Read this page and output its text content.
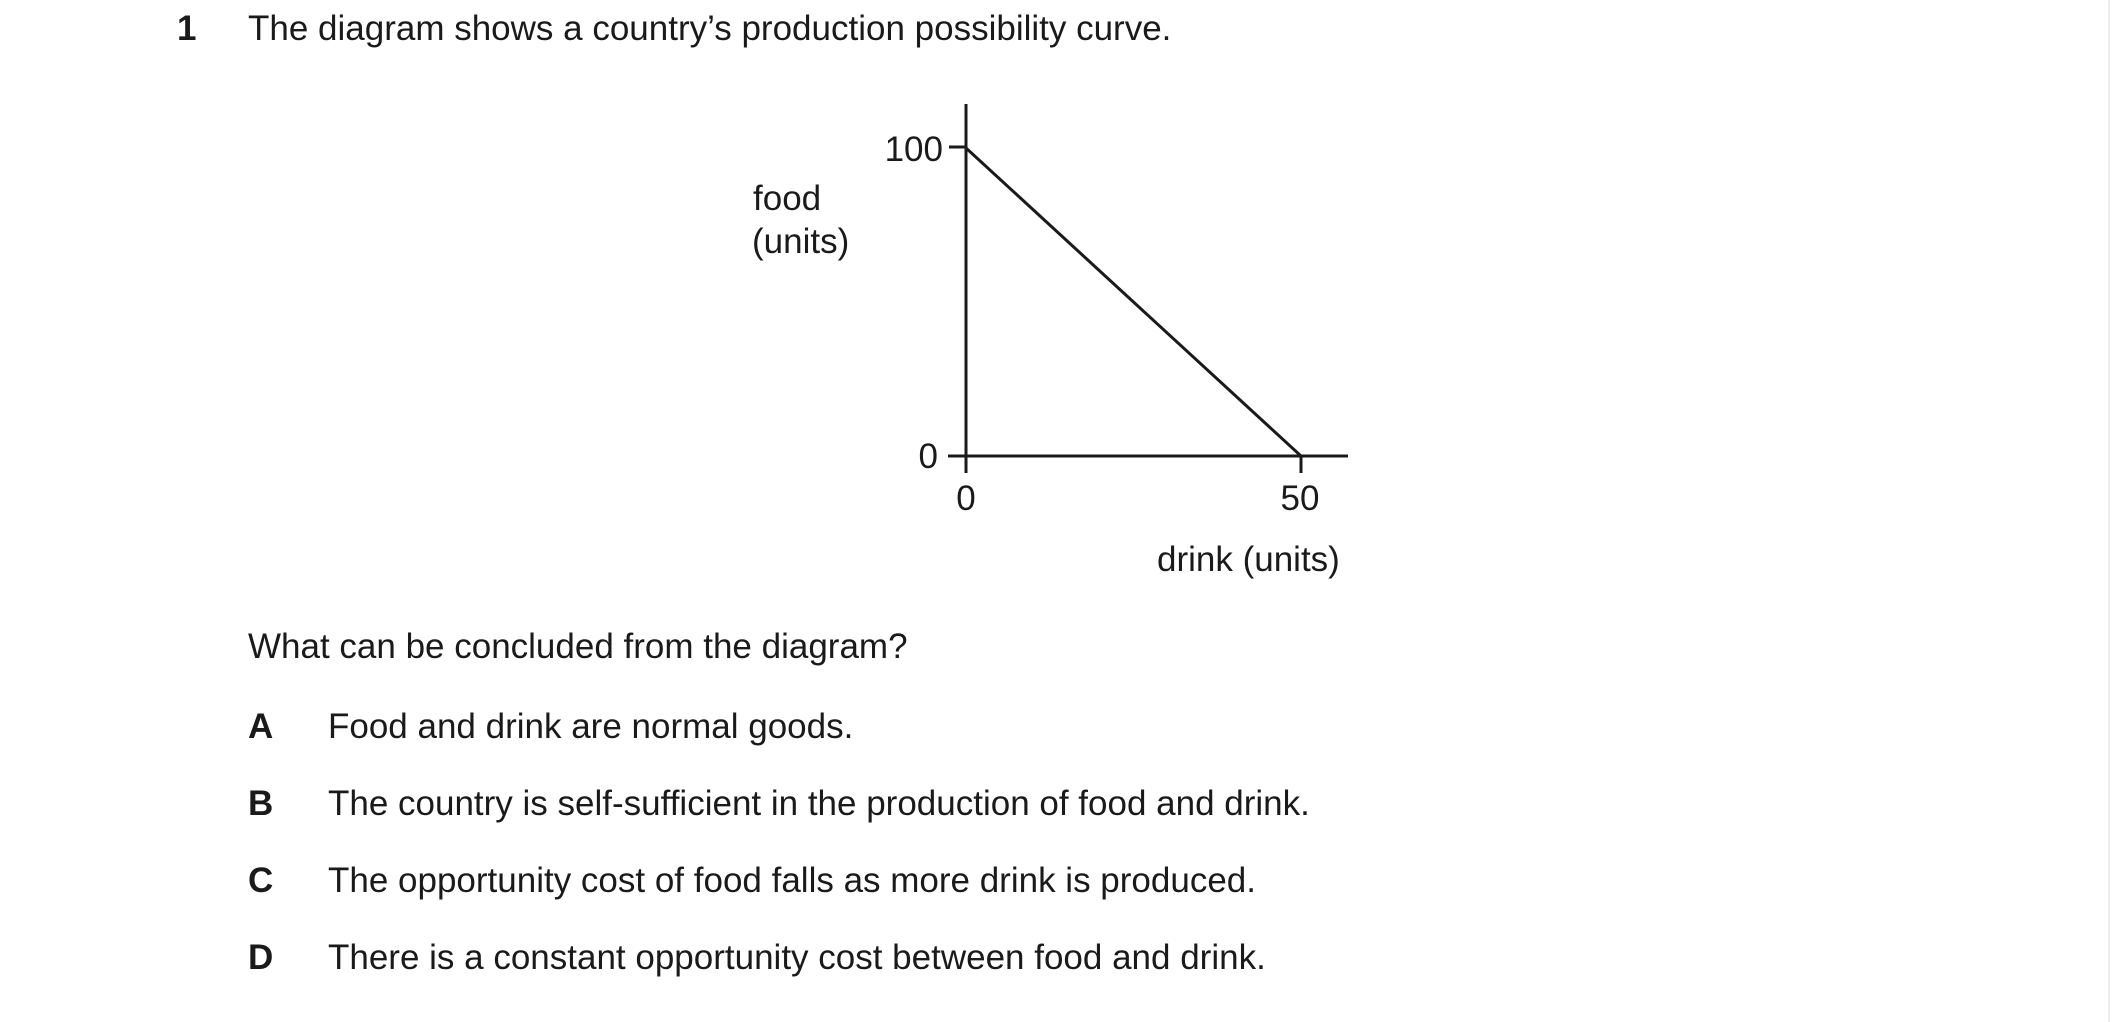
1 The diagram shows a country’s production possibility curve.
100
0
0	50
food
(units)
drink (units)
What can be concluded from the diagram?
A Food and drink are normal goods.
B The country is self-sufficient in the production of food and drink.
C The opportunity cost of food falls as more drink is produced.
D There is a constant opportunity cost between food and drink.
